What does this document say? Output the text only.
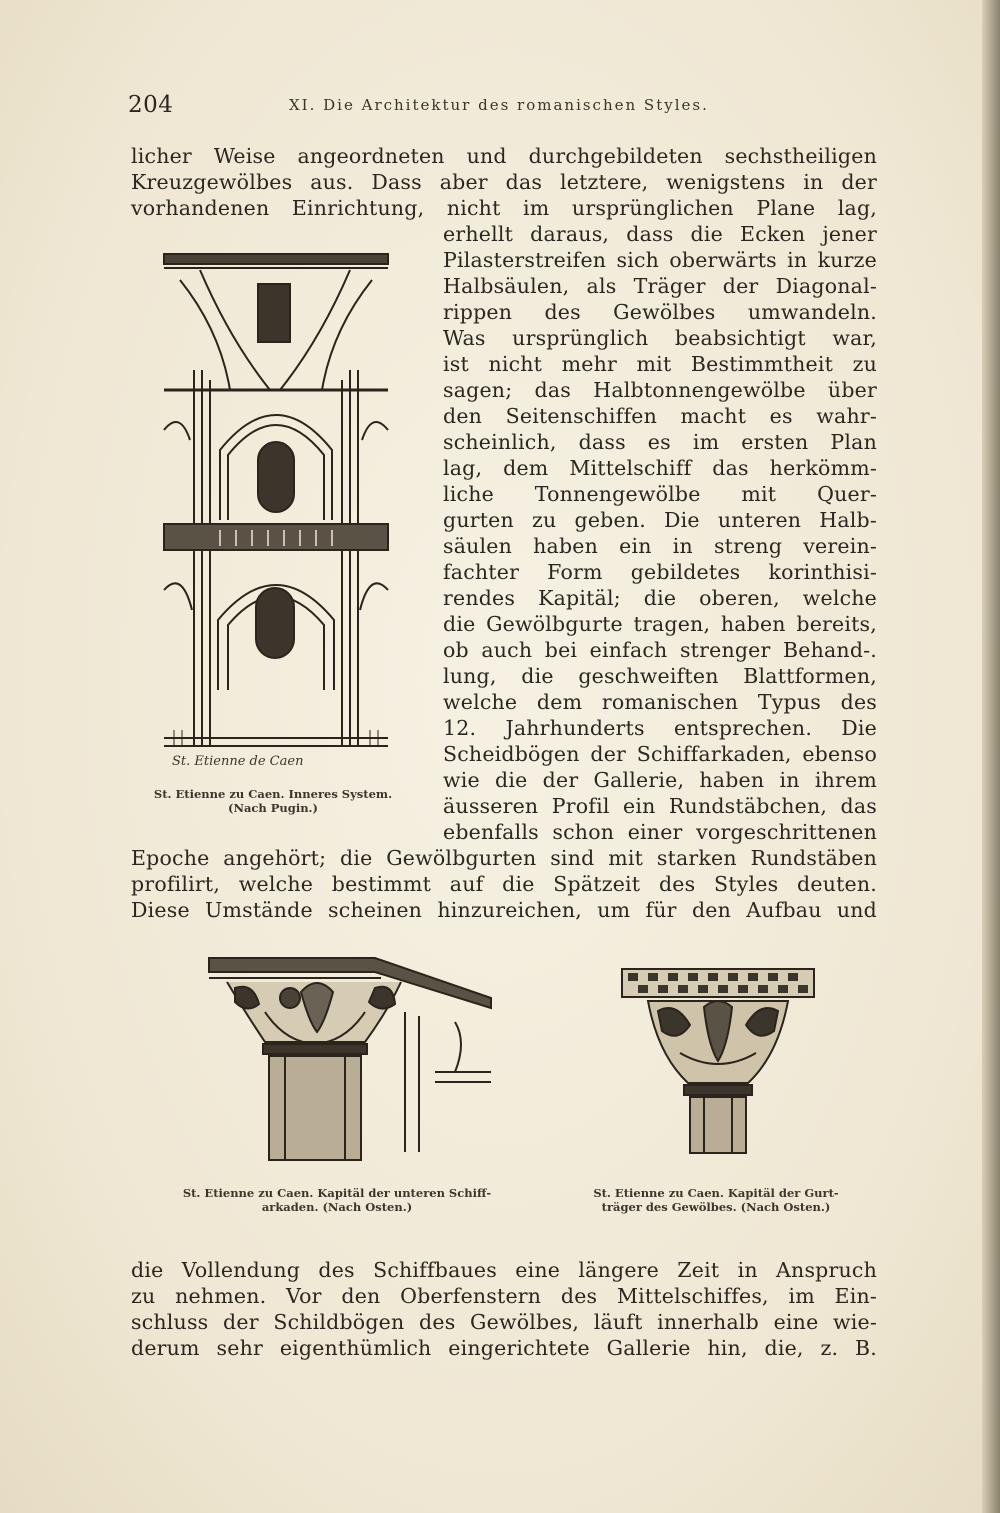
204	XI. Die Architektur des romanischen Styles.
licher Weise angeordneten und durchgebildeten sechstheiligen
Kreuzgewölbes aus. Dass aber das letztere, wenigstens in der
vorhandenen Einrichtung, nicht im ursprünglichen Plane lag,
erhellt daraus, dass die Ecken jener
Pilasterstreifen sich oberwärts in kurze
Halbsäulen, als Träger der Diagonal-
rippen des Gewölbes umwandeln.
Was ursprünglich beabsichtigt war,
ist nicht mehr mit Bestimmtheit zu
sagen; das Halbtonnengewölbe über
den Seitenschiffen macht es wahr-
scheinlich, dass es im ersten Plan
lag, dem Mittelschiff das herkömm-
liche Tonnengewölbe mit Quer-
gurten zu geben. Die unteren Halb-
säulen haben ein in streng verein-
fachter Form gebildetes korinthisi-
rendes Kapitäl; die oberen, welche
die Gewölbgurte tragen, haben bereits,
ob auch bei einfach strenger Behand-.
lung, die geschweiften Blattformen,
welche dem romanischen Typus des
12. Jahrhunderts entsprechen. Die
Scheidbögen der Schiffarkaden, ebenso
wie die der Gallerie, haben in ihrem
äusseren Profil ein Rundstäbchen, das
ebenfalls schon einer vorgeschrittenen
Epoche angehört; die Gewölbgurten sind mit starken Rundstäben
profilirt, welche bestimmt auf die Spätzeit des Styles deuten.
Diese Umstände scheinen hinzureichen, um für den Aufbau und
die Vollendung des Schiffbaues eine längere Zeit in Anspruch
zu nehmen. Vor den Oberfenstern des Mittelschiffes, im Ein-
schluss der Schildbögen des Gewölbes, läuft innerhalb eine wie-
derum sehr eigenthümlich eingerichtete Gallerie hin, die, z. B.
St. Etienne de Caen
St. Etienne zu Caen. Inneres System.
(Nach Pugin.)
St. Etienne zu Caen. Kapitäl der unteren Schiff-
arkaden. (Nach Osten.)
St. Etienne zu Caen. Kapitäl der Gurt-
träger des Gewölbes. (Nach Osten.)
